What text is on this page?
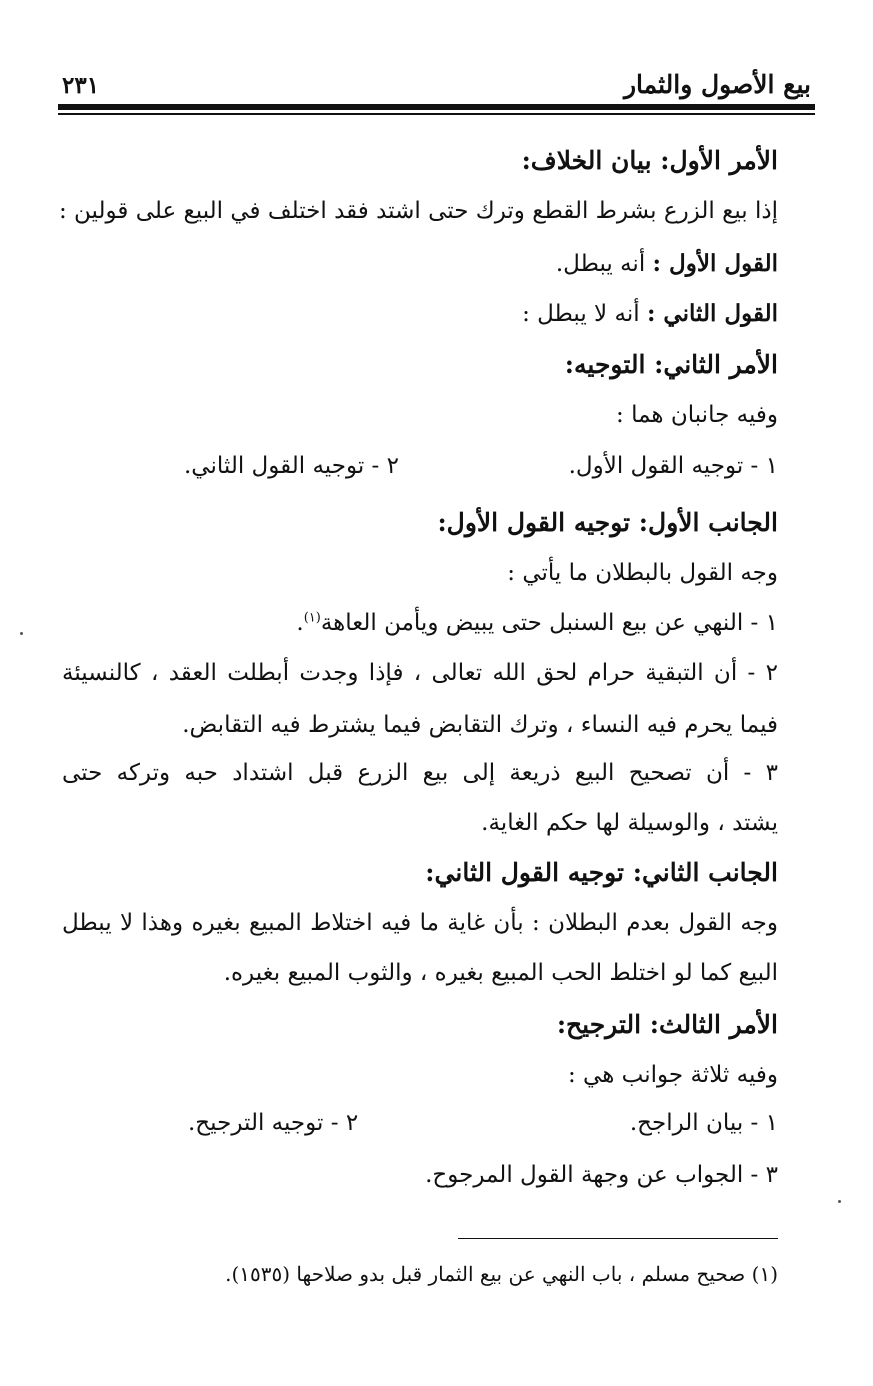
بيع الأصول والثمار
٢٣١
الأمر الأول: بيان الخلاف:
إذا بيع الزرع بشرط القطع وترك حتى اشتد فقد اختلف في البيع على قولين :
القول الأول : أنه يبطل.
القول الثاني : أنه لا يبطل :
الأمر الثاني: التوجيه:
وفيه جانبان هما :
١ - توجيه القول الأول.
٢ - توجيه القول الثاني.
الجانب الأول: توجيه القول الأول:
وجه القول بالبطلان ما يأتي :
١ - النهي عن بيع السنبل حتى يبيض ويأمن العاهة$^{(١)}$.
٢ - أن التبقية حرام لحق الله تعالى ، فإذا وجدت أبطلت العقد ، كالنسيئة
فيما يحرم فيه النساء ، وترك التقابض فيما يشترط فيه التقابض.
٣ - أن تصحيح البيع ذريعة إلى بيع الزرع قبل اشتداد حبه وتركه حتى
يشتد ، والوسيلة لها حكم الغاية.
الجانب الثاني: توجيه القول الثاني:
وجه القول بعدم البطلان : بأن غاية ما فيه اختلاط المبيع بغيره وهذا لا يبطل
البيع كما لو اختلط الحب المبيع بغيره ، والثوب المبيع بغيره.
الأمر الثالث: الترجيح:
وفيه ثلاثة جوانب هي :
١ - بيان الراجح.
٢ - توجيه الترجيح.
٣ - الجواب عن وجهة القول المرجوح.
(١) صحيح مسلم ، باب النهي عن بيع الثمار قبل بدو صلاحها (١٥٣٥).
